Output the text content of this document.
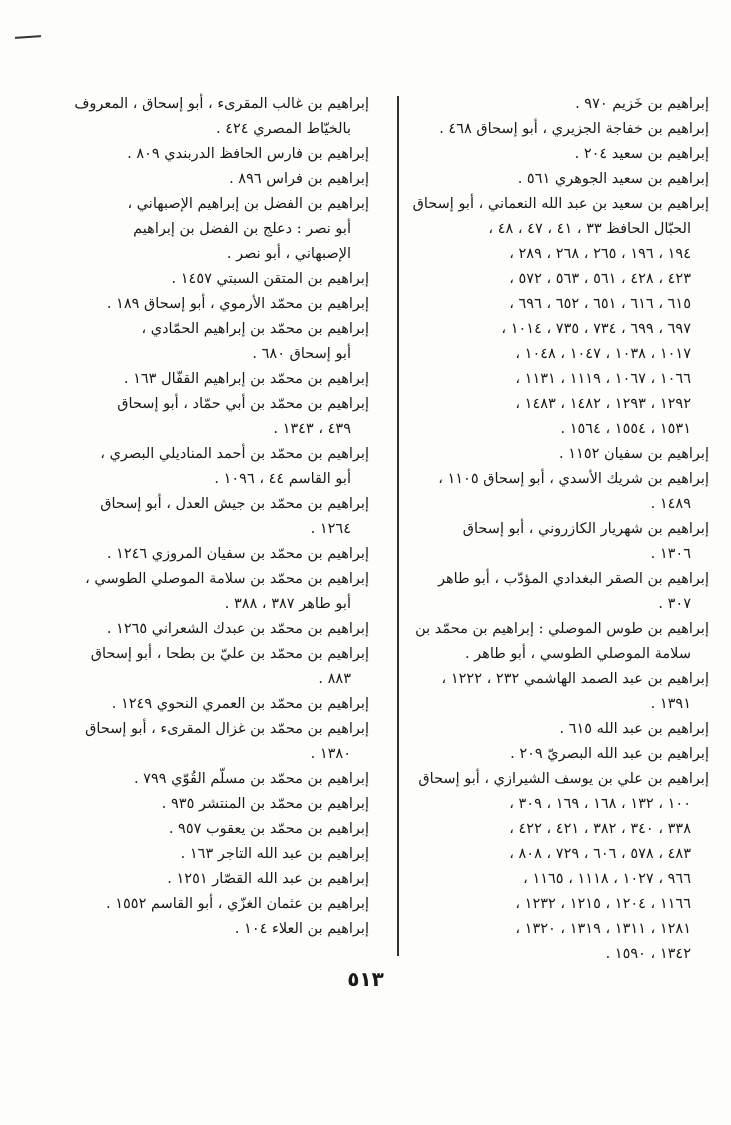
إبراهيم بن خَزيم ٩٧٠ .
إبراهيم بن خفاجة الجزيري ، أبو إسحاق ٤٦٨ .
إبراهيم بن سعيد ٢٠٤ .
إبراهيم بن سعيد الجوهري ٥٦١ .
إبراهيم بن سعيد بن عبد الله النعماني ، أبو إسحاق
الحبّال الحافظ ٣٣ ، ٤١ ، ٤٧ ، ٤٨ ،
١٩٤ ، ١٩٦ ، ٢٦٥ ، ٢٦٨ ، ٢٨٩ ،
٤٢٣ ، ٤٢٨ ، ٥٦١ ، ٥٦٣ ، ٥٧٢ ،
٦١٥ ، ٦١٦ ، ٦٥١ ، ٦٥٢ ، ٦٩٦ ،
٦٩٧ ، ٦٩٩ ، ٧٣٤ ، ٧٣٥ ، ١٠١٤ ،
١٠١٧ ، ١٠٣٨ ، ١٠٤٧ ، ١٠٤٨ ،
١٠٦٦ ، ١٠٦٧ ، ١١١٩ ، ١١٣١ ،
١٢٩٢ ، ١٢٩٣ ، ١٤٨٢ ، ١٤٨٣ ،
١٥٣١ ، ١٥٥٤ ، ١٥٦٤ .
إبراهيم بن سفيان ١١٥٢ .
إبراهيم بن شريك الأسدي ، أبو إسحاق ١١٠٥ ،
١٤٨٩ .
إبراهيم بن شهريار الكازروني ، أبو إسحاق
١٣٠٦ .
إبراهيم بن الصقر البغدادي المؤدّب ، أبو طاهر
٣٠٧ .
إبراهيم بن طوس الموصلي : إبراهيم بن محمّد بن
سلامة الموصلي الطوسي ، أبو طاهر .
إبراهيم بن عبد الصمد الهاشمي ٢٣٢ ، ١٢٢٢ ،
١٣٩١ .
إبراهيم بن عبد الله ٦١٥ .
إبراهيم بن عبد الله البصريّ ٢٠٩ .
إبراهيم بن علي بن يوسف الشيرازي ، أبو إسحاق
١٠٠ ، ١٣٢ ، ١٦٨ ، ١٦٩ ، ٣٠٩ ،
٣٣٨ ، ٣٤٠ ، ٣٨٢ ، ٤٢١ ، ٤٢٢ ،
٤٨٣ ، ٥٧٨ ، ٦٠٦ ، ٧٢٩ ، ٨٠٨ ،
٩٦٦ ، ١٠٢٧ ، ١١١٨ ، ١١٦٥ ،
١١٦٦ ، ١٢٠٤ ، ١٢١٥ ، ١٢٣٢ ،
١٢٨١ ، ١٣١١ ، ١٣١٩ ، ١٣٢٠ ،
١٣٤٢ ، ١٥٩٠ .
إبراهيم بن غالب المقرىء ، أبو إسحاق ، المعروف
بالخيّاط المصري ٤٢٤ .
إبراهيم بن فارس الحافظ الدربندي ٨٠٩ .
إبراهيم بن فراس ٨٩٦ .
إبراهيم بن الفضل بن إبراهيم الإصبهاني ،
أبو نصر : دعلج بن الفضل بن إبراهيم
الإصبهاني ، أبو نصر .
إبراهيم بن المتقن السبتي ١٤٥٧ .
إبراهيم بن محمّد الأرموي ، أبو إسحاق ١٨٩ .
إبراهيم بن محمّد بن إبراهيم الحمّادي ،
أبو إسحاق ٦٨٠ .
إبراهيم بن محمّد بن إبراهيم القفّال ١٦٣ .
إبراهيم بن محمّد بن أبي حمّاد ، أبو إسحاق
٤٣٩ ، ١٣٤٣ .
إبراهيم بن محمّد بن أحمد المناديلي البصري ،
أبو القاسم ٤٤ ، ١٠٩٦ .
إبراهيم بن محمّد بن جيش العدل ، أبو إسحاق
١٢٦٤ .
إبراهيم بن محمّد بن سفيان المروزي ١٢٤٦ .
إبراهيم بن محمّد بن سلامة الموصلي الطوسي ،
أبو طاهر ٣٨٧ ، ٣٨٨ .
إبراهيم بن محمّد بن عبدك الشعراني ١٢٦٥ .
إبراهيم بن محمّد بن عليّ بن بطحا ، أبو إسحاق
٨٨٣ .
إبراهيم بن محمّد بن العمري النحوي ١٢٤٩ .
إبراهيم بن محمّد بن غزال المقرىء ، أبو إسحاق
١٣٨٠ .
إبراهيم بن محمّد بن مسلّم القُوّي ٧٩٩ .
إبراهيم بن محمّد بن المنتشر ٩٣٥ .
إبراهيم بن محمّد بن يعقوب ٩٥٧ .
إبراهيم بن عبد الله التاجر ١٦٣ .
إبراهيم بن عبد الله القصّار ١٢٥١ .
إبراهيم بن عثمان الغزّي ، أبو القاسم ١٥٥٢ .
إبراهيم بن العلاء ١٠٤ .
٥١٣
